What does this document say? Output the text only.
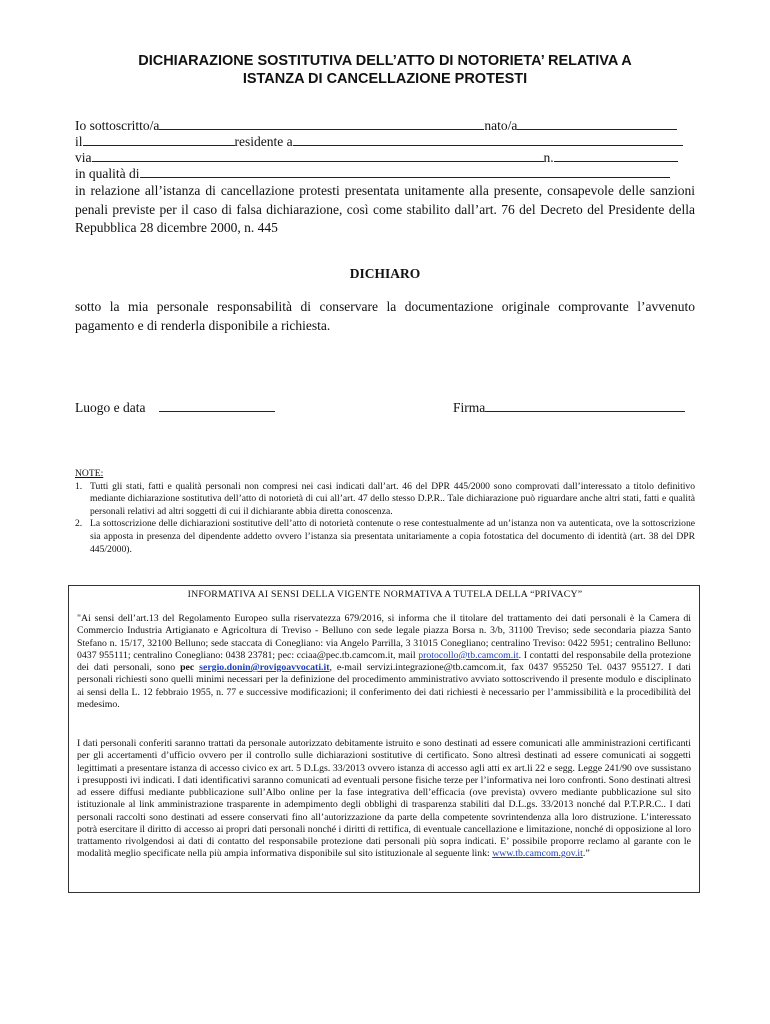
DICHIARAZIONE SOSTITUTIVA DELL’ATTO DI NOTORIETA’ RELATIVA A
ISTANZA DI CANCELLAZIONE PROTESTI
Io sottoscritto/a	nato/a
il	residente a
via	n.
in qualità di
in relazione all’istanza di cancellazione protesti presentata unitamente alla presente, consapevole delle sanzioni penali previste per il caso di falsa dichiarazione, così come stabilito dall’art. 76 del Decreto del Presidente della Repubblica 28 dicembre 2000, n. 445
DICHIARO
sotto la mia personale responsabilità di conservare la documentazione originale comprovante l’avvenuto pagamento e di renderla disponibile a richiesta.
Luogo e data	Firma
NOTE:
1. Tutti gli stati, fatti e qualità personali non compresi nei casi indicati dall’art. 46 del DPR 445/2000 sono comprovati dall’interessato a titolo definitivo mediante dichiarazione sostitutiva dell’atto di notorietà di cui all’art. 47 dello stesso D.P.R.. Tale dichiarazione può riguardare anche altri stati, fatti e qualità personali relativi ad altri soggetti di cui il dichiarante abbia diretta conoscenza.
2. La sottoscrizione delle dichiarazioni sostitutive dell’atto di notorietà contenute o rese contestualmente ad un’istanza non va autenticata, ove la sottoscrizione sia apposta in presenza del dipendente addetto ovvero l’istanza sia presentata unitariamente a copia fotostatica del documento di identità (art. 38 del DPR 445/2000).
INFORMATIVA AI SENSI DELLA VIGENTE NORMATIVA A TUTELA DELLA “PRIVACY”
"Ai sensi dell’art.13 del Regolamento Europeo sulla riservatezza 679/2016, si informa che il titolare del trattamento dei dati personali è la Camera di Commercio Industria Artigianato e Agricoltura di Treviso - Belluno con sede legale piazza Borsa n. 3/b, 31100 Treviso; sede secondaria piazza Santo Stefano n. 15/17, 32100 Belluno; sede staccata di Conegliano: via Angelo Parrilla, 3 31015 Conegliano; centralino Treviso: 0422 5951; centralino Belluno: 0437 955111; centralino Conegliano: 0438 23781; pec: cciaa@pec.tb.camcom.it, mail protocollo@tb.camcom.it. I contatti del responsabile della protezione dei dati personali, sono pec sergio.donin@rovigoavvocati.it, e-mail servizi.integrazione@tb.camcom.it, fax 0437 955250 Tel. 0437 955127. I dati personali richiesti sono quelli minimi necessari per la definizione del procedimento amministrativo avviato sottoscrivendo il presente modulo e disciplinato ai sensi della L. 12 febbraio 1955, n. 77 e successive modificazioni; il conferimento dei dati richiesti è necessario per l’ammissibilità e la procedibilità del medesimo.
I dati personali conferiti saranno trattati da personale autorizzato debitamente istruito e sono destinati ad essere comunicati alle amministrazioni certificanti per gli accertamenti d’ufficio ovvero per il controllo sulle dichiarazioni sostitutive di certificato. Sono altresì destinati ad essere comunicati ai soggetti legittimati a presentare istanza di accesso civico ex art. 5 D.Lgs. 33/2013 ovvero istanza di accesso agli atti ex art.li 22 e segg. Legge 241/90 ove sussistano i presupposti ivi indicati. I dati identificativi saranno comunicati ad eventuali persone fisiche terze per l’informativa nei loro confronti. Sono destinati altresì ad essere diffusi mediante pubblicazione sull’Albo online per la fase integrativa dell’efficacia (ove prevista) ovvero mediante pubblicazione sul sito istituzionale al link amministrazione trasparente in adempimento degli obblighi di trasparenza stabiliti dal D.L.gs. 33/2013 nonché dal P.T.P.R.C.. I dati personali raccolti sono destinati ad essere conservati fino all’autorizzazione da parte della competente sovrintendenza alla loro distruzione. L’interessato potrà esercitare il diritto di accesso ai propri dati personali nonché i diritti di rettifica, di eventuale cancellazione e limitazione, nonché di opposizione al loro trattamento rivolgendosi ai dati di contatto del responsabile protezione dati personali più sopra indicati. E’ possibile proporre reclamo al garante con le modalità meglio specificate nella più ampia informativa disponibile sul sito istituzionale al seguente link: www.tb.camcom.gov.it.”
